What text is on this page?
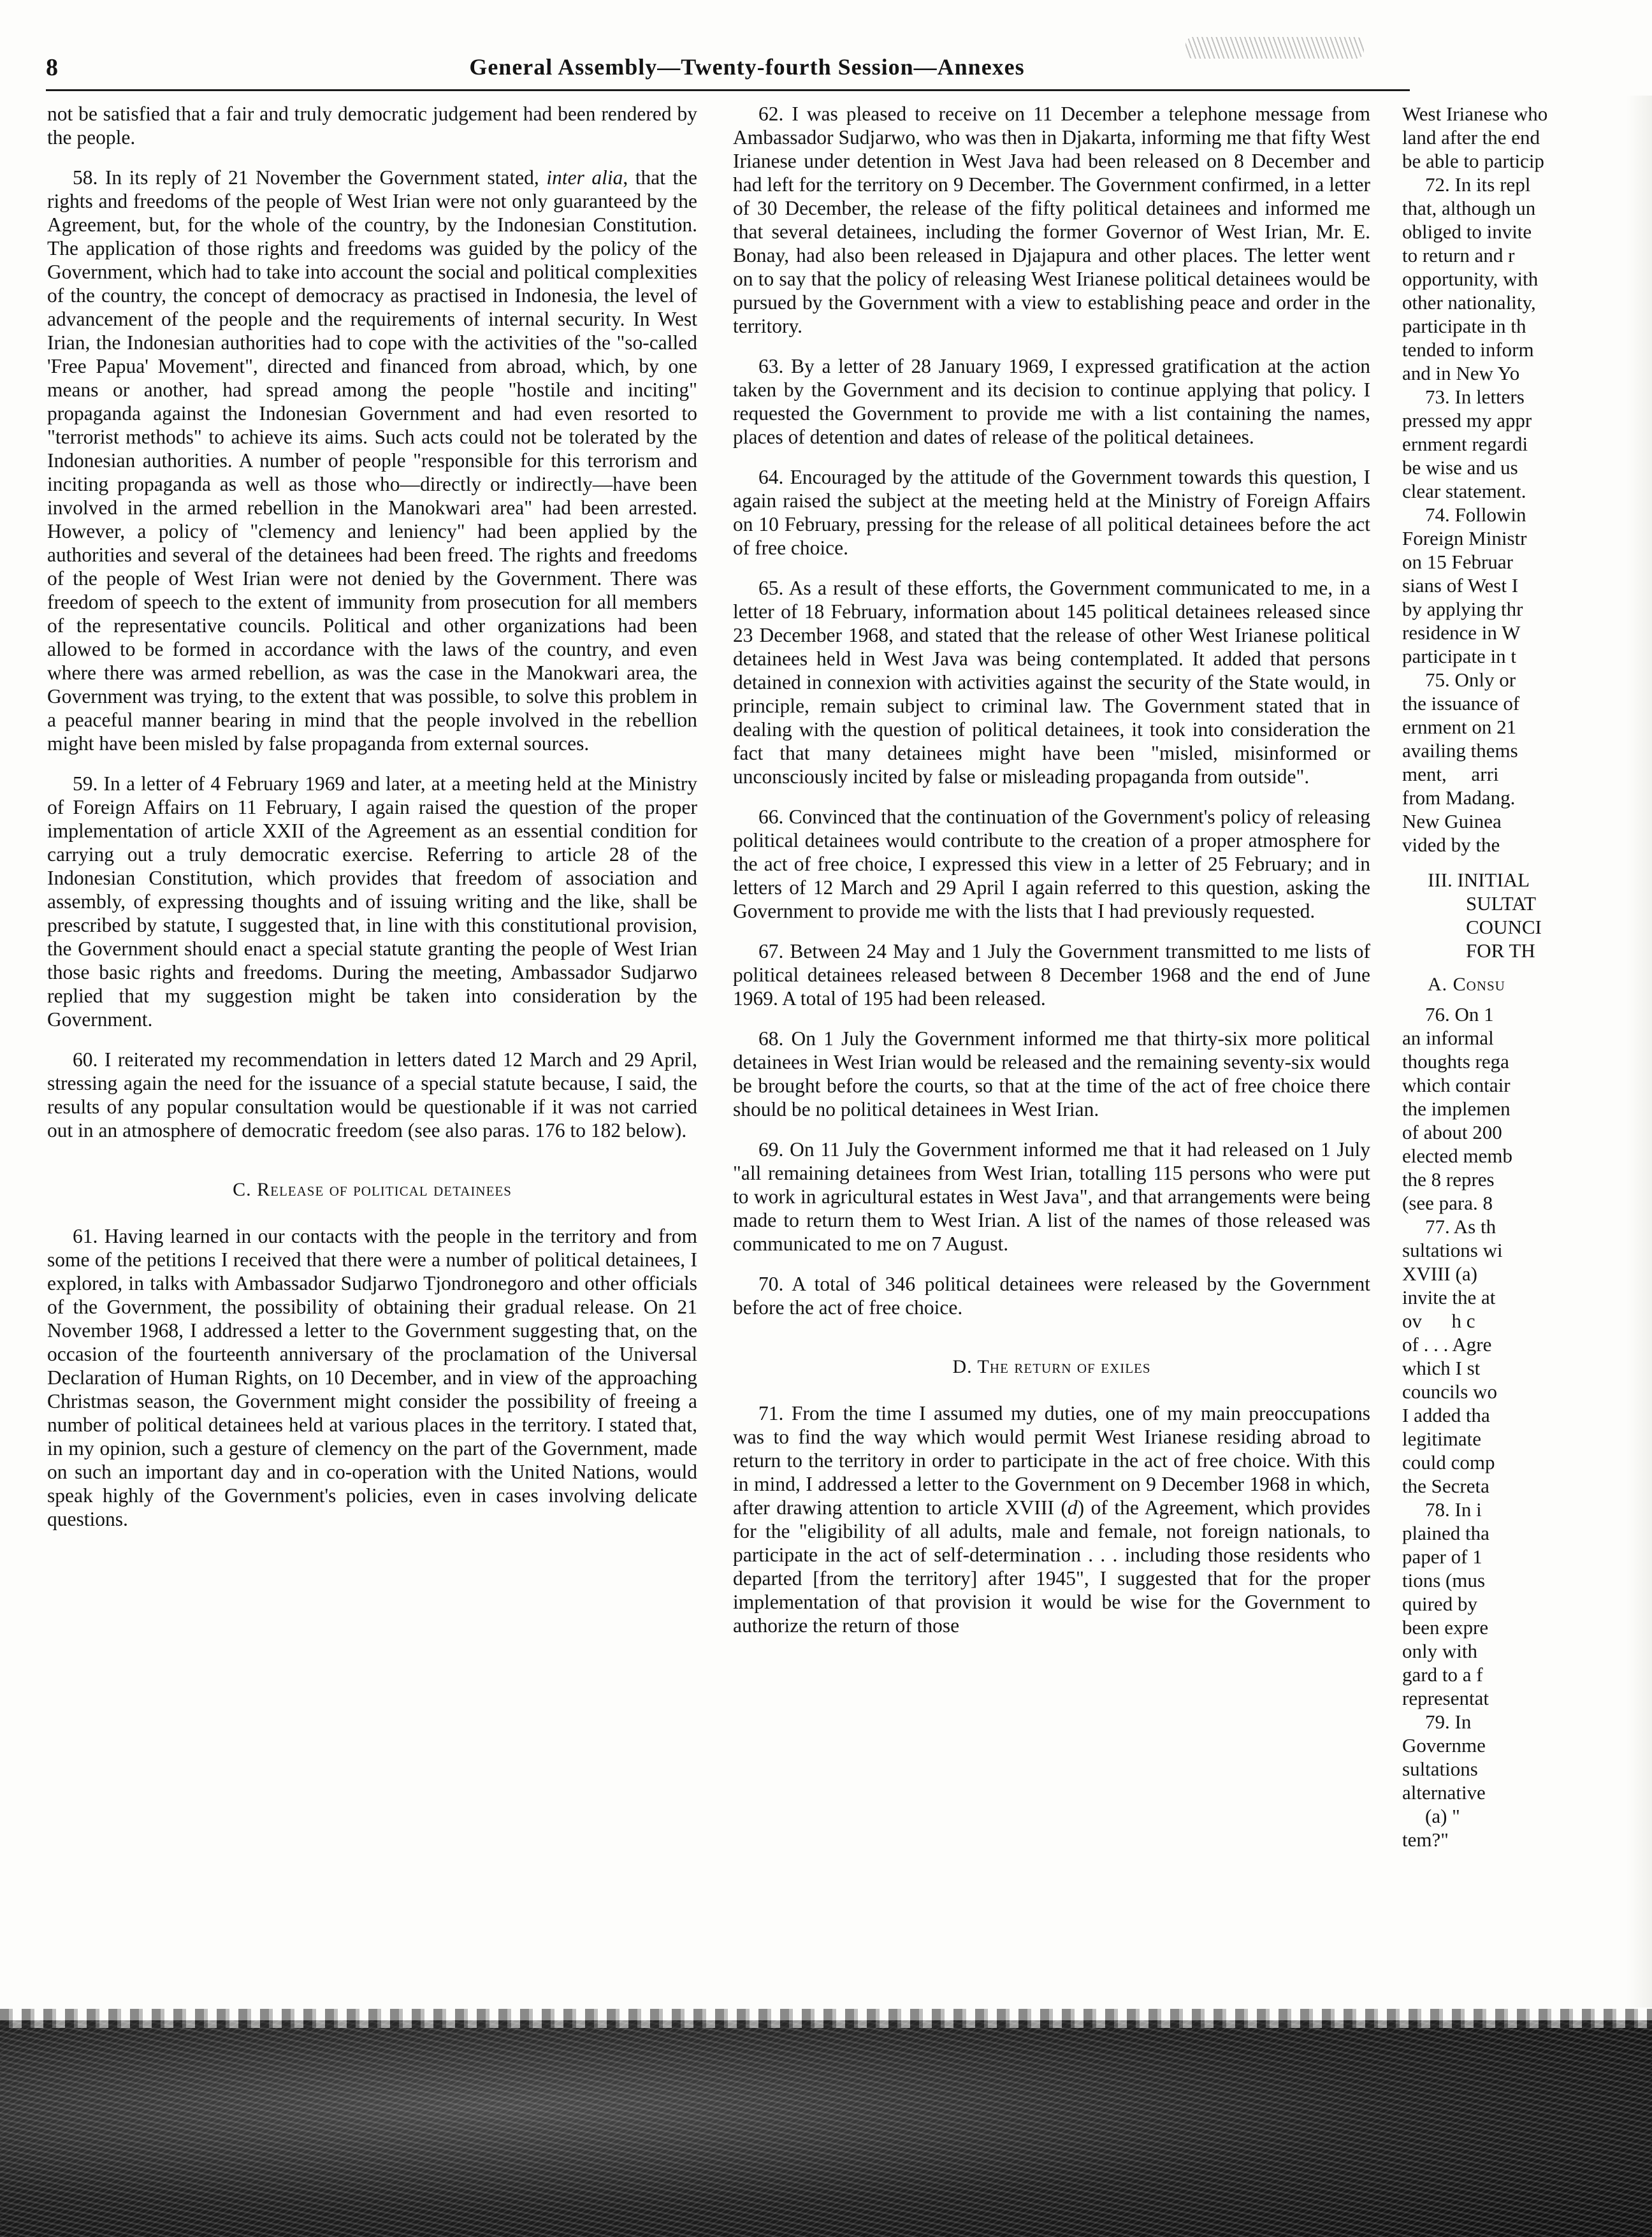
8	General Assembly—Twenty-fourth Session—Annexes

not be satisfied that a fair and truly democratic judgement had been rendered by the people.

58. In its reply of 21 November the Government stated, inter alia, that the rights and freedoms of the people of West Irian were not only guaranteed by the Agreement, but, for the whole of the country, by the Indonesian Constitution. The application of those rights and freedoms was guided by the policy of the Government, which had to take into account the social and political complexities of the country, the concept of democracy as practised in Indonesia, the level of advancement of the people and the requirements of internal security. In West Irian, the Indonesian authorities had to cope with the activities of the "so-called 'Free Papua' Movement", directed and financed from abroad, which, by one means or another, had spread among the people "hostile and inciting" propaganda against the Indonesian Government and had even resorted to "terrorist methods" to achieve its aims. Such acts could not be tolerated by the Indonesian authorities. A number of people "responsible for this terrorism and inciting propaganda as well as those who—directly or indirectly—have been involved in the armed rebellion in the Manokwari area" had been arrested. However, a policy of "clemency and leniency" had been applied by the authorities and several of the detainees had been freed. The rights and freedoms of the people of West Irian were not denied by the Government. There was freedom of speech to the extent of immunity from prosecution for all members of the representative councils. Political and other organizations had been allowed to be formed in accordance with the laws of the country, and even where there was armed rebellion, as was the case in the Manokwari area, the Government was trying, to the extent that was possible, to solve this problem in a peaceful manner bearing in mind that the people involved in the rebellion might have been misled by false propaganda from external sources.

59. In a letter of 4 February 1969 and later, at a meeting held at the Ministry of Foreign Affairs on 11 February, I again raised the question of the proper implementation of article XXII of the Agreement as an essential condition for carrying out a truly democratic exercise. Referring to article 28 of the Indonesian Constitution, which provides that freedom of association and assembly, of expressing thoughts and of issuing writing and the like, shall be prescribed by statute, I suggested that, in line with this constitutional provision, the Government should enact a special statute granting the people of West Irian those basic rights and freedoms. During the meeting, Ambassador Sudjarwo replied that my suggestion might be taken into consideration by the Government.

60. I reiterated my recommendation in letters dated 12 March and 29 April, stressing again the need for the issuance of a special statute because, I said, the results of any popular consultation would be questionable if it was not carried out in an atmosphere of democratic freedom (see also paras. 176 to 182 below).

C. Release of political detainees

61. Having learned in our contacts with the people in the territory and from some of the petitions I received that there were a number of political detainees, I explored, in talks with Ambassador Sudjarwo Tjondronegoro and other officials of the Government, the possibility of obtaining their gradual release. On 21 November 1968, I addressed a letter to the Government suggesting that, on the occasion of the fourteenth anniversary of the proclamation of the Universal Declaration of Human Rights, on 10 December, and in view of the approaching Christmas season, the Government might consider the possibility of freeing a number of political detainees held at various places in the territory. I stated that, in my opinion, such a gesture of clemency on the part of the Government, made on such an important day and in co-operation with the United Nations, would speak highly of the Government's policies, even in cases involving delicate questions.

62. I was pleased to receive on 11 December a telephone message from Ambassador Sudjarwo, who was then in Djakarta, informing me that fifty West Irianese under detention in West Java had been released on 8 December and had left for the territory on 9 December. The Government confirmed, in a letter of 30 December, the release of the fifty political detainees and informed me that several detainees, including the former Governor of West Irian, Mr. E. Bonay, had also been released in Djajapura and other places. The letter went on to say that the policy of releasing West Irianese political detainees would be pursued by the Government with a view to establishing peace and order in the territory.

63. By a letter of 28 January 1969, I expressed gratification at the action taken by the Government and its decision to continue applying that policy. I requested the Government to provide me with a list containing the names, places of detention and dates of release of the political detainees.

64. Encouraged by the attitude of the Government towards this question, I again raised the subject at the meeting held at the Ministry of Foreign Affairs on 10 February, pressing for the release of all political detainees before the act of free choice.

65. As a result of these efforts, the Government communicated to me, in a letter of 18 February, information about 145 political detainees released since 23 December 1968, and stated that the release of other West Irianese political detainees held in West Java was being contemplated. It added that persons detained in connexion with activities against the security of the State would, in principle, remain subject to criminal law. The Government stated that in dealing with the question of political detainees, it took into consideration the fact that many detainees might have been "misled, misinformed or unconsciously incited by false or misleading propaganda from outside".

66. Convinced that the continuation of the Government's policy of releasing political detainees would contribute to the creation of a proper atmosphere for the act of free choice, I expressed this view in a letter of 25 February; and in letters of 12 March and 29 April I again referred to this question, asking the Government to provide me with the lists that I had previously requested.

67. Between 24 May and 1 July the Government transmitted to me lists of political detainees released between 8 December 1968 and the end of June 1969. A total of 195 had been released.

68. On 1 July the Government informed me that thirty-six more political detainees in West Irian would be released and the remaining seventy-six would be brought before the courts, so that at the time of the act of free choice there should be no political detainees in West Irian.

69. On 11 July the Government informed me that it had released on 1 July "all remaining detainees from West Irian, totalling 115 persons who were put to work in agricultural estates in West Java", and that arrangements were being made to return them to West Irian. A list of the names of those released was communicated to me on 7 August.

70. A total of 346 political detainees were released by the Government before the act of free choice.

D. The return of exiles

71. From the time I assumed my duties, one of my main preoccupations was to find the way which would permit West Irianese residing abroad to return to the territory in order to participate in the act of free choice. With this in mind, I addressed a letter to the Government on 9 December 1968 in which, after drawing attention to article XVIII (d) of the Agreement, which provides for the "eligibility of all adults, male and female, not foreign nationals, to participate in the act of self-determination . . . including those residents who departed [from the territory] after 1945", I suggested that for the proper implementation of that provision it would be wise for the Government to authorize the return of those

West Irianese who
land after the end
be able to particip
72. In its repl
that, although un
obliged to invite
to return and r
opportunity, with
other nationality,
participate in th
tended to inform
and in New Yo
73. In letters
pressed my appr
ernment regardi
be wise and us
clear statement.
74. Followin
Foreign Ministr
on 15 Februar
sians of West I
by applying thr
residence in W
participate in t
75. Only or
the issuance of
ernment on 21
availing thems
ment,     arri
from Madang.
New Guinea
vided by the
III. INITIAL
SULTAT
COUNCI
FOR TH
A. Consu
76. On 1
an informal
thoughts rega
which contair
the implemen
of about 200
elected memb
the 8 repres
(see para. 8
77. As th
sultations wi
XVIII (a)
invite the at
ov      h c
of . . . Agre
which I st
councils wo
I added tha
legitimate
could comp
the Secreta
78. In i
plained tha
paper of 1
tions (mus
quired by
been expre
only with
gard to a f
representat
79. In
Governme
sultations
alternative
(a) "
tem?"
